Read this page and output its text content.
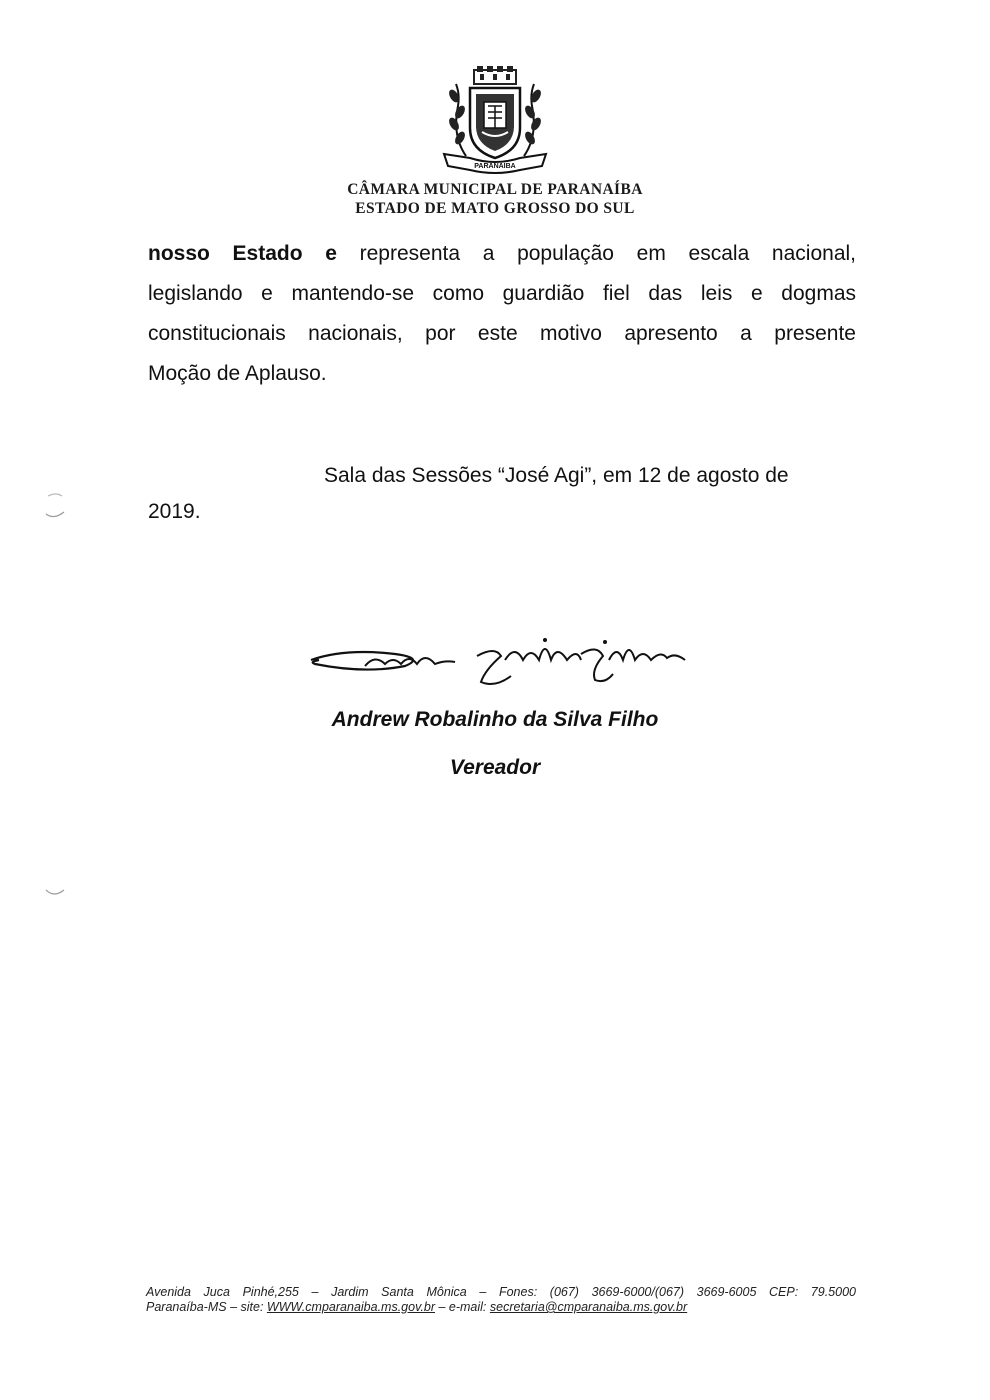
PARANAÍBA
CÂMARA MUNICIPAL DE PARANAÍBA
ESTADO DE MATO GROSSO DO SUL
nosso Estado e representa a população em escala nacional,
legislando e mantendo-se como guardião fiel das leis e dogmas
constitucionais nacionais, por este motivo apresento a presente
Moção de Aplauso.
Sala das Sessões “José Agi”, em 12 de agosto de
2019.
Andrew Robalinho da Silva Filho
Vereador
Avenida Juca Pinhé,255 – Jardim Santa Mônica – Fones: (067) 3669-6000/(067) 3669-6005 CEP: 79.5000
Paranaíba-MS – site: WWW.cmparanaiba.ms.gov.br – e-mail: secretaria@cmparanaiba.ms.gov.br
